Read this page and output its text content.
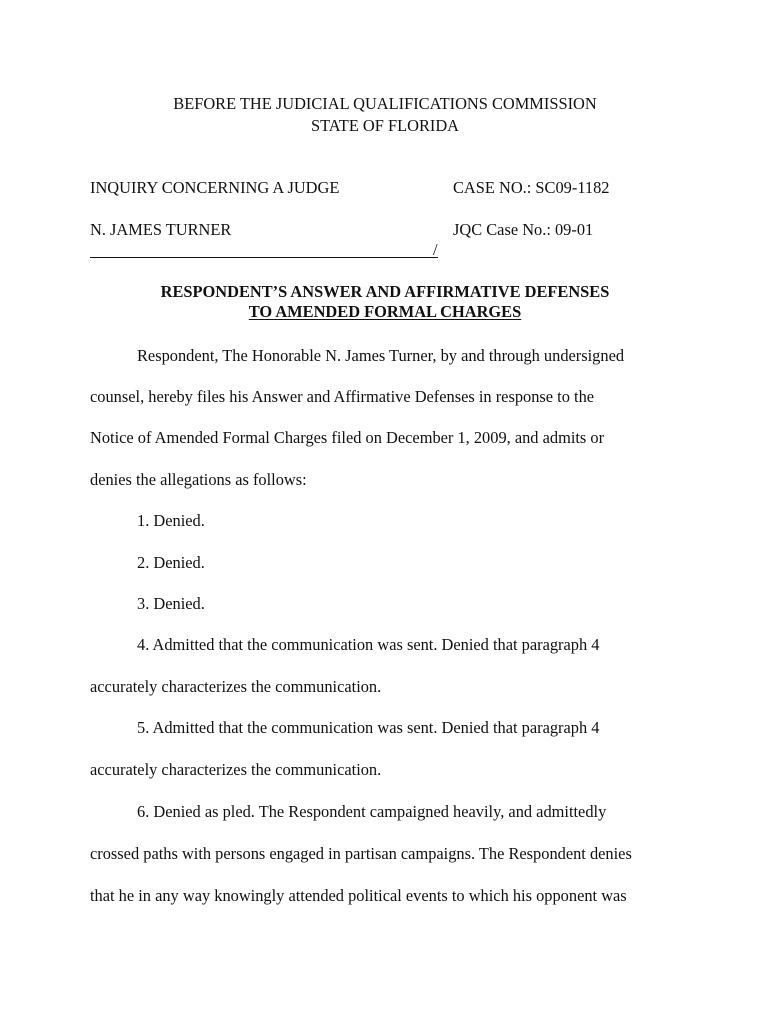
BEFORE THE JUDICIAL QUALIFICATIONS COMMISSION
STATE OF FLORIDA
INQUIRY CONCERNING A JUDGE	CASE NO.: SC09-1182
N. JAMES TURNER	JQC Case No.: 09-01
/
RESPONDENT’S ANSWER AND AFFIRMATIVE DEFENSES
TO AMENDED FORMAL CHARGES
Respondent, The Honorable N. James Turner, by and through undersigned
counsel, hereby files his Answer and Affirmative Defenses in response to the
Notice of Amended Formal Charges filed on December 1, 2009, and admits or
denies the allegations as follows:
1. Denied.
2. Denied.
3. Denied.
4. Admitted that the communication was sent. Denied that paragraph 4
accurately characterizes the communication.
5. Admitted that the communication was sent. Denied that paragraph 4
accurately characterizes the communication.
6. Denied as pled. The Respondent campaigned heavily, and admittedly
crossed paths with persons engaged in partisan campaigns. The Respondent denies
that he in any way knowingly attended political events to which his opponent was
